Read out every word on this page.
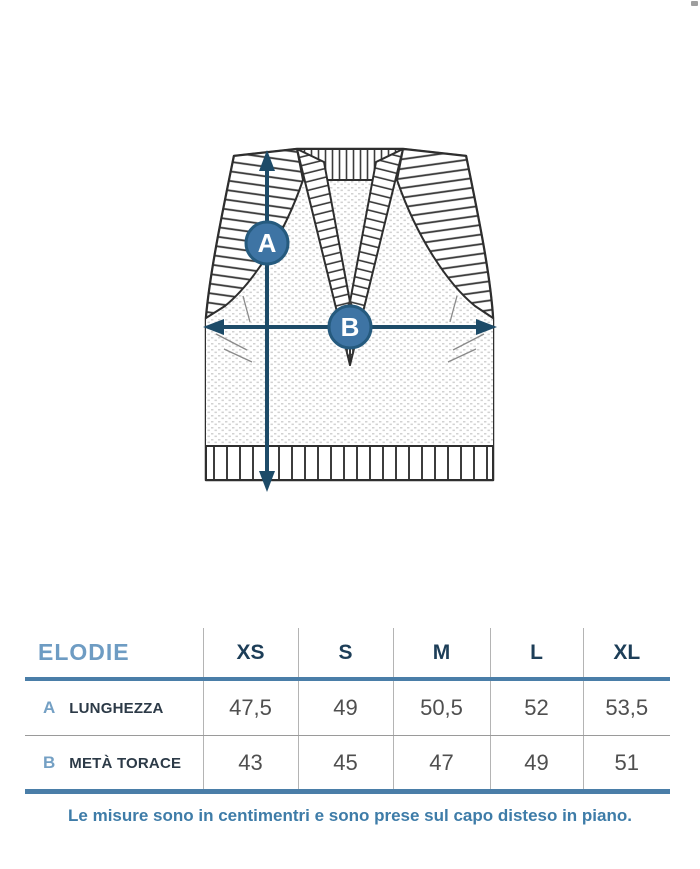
A
B
ELODIE	XS	S	M	L	XL
A LUNGHEZZA	47,5	49	50,5	52	53,5
B METÀ TORACE	43	45	47	49	51
Le misure sono in centimentri e sono prese sul capo disteso in piano.
